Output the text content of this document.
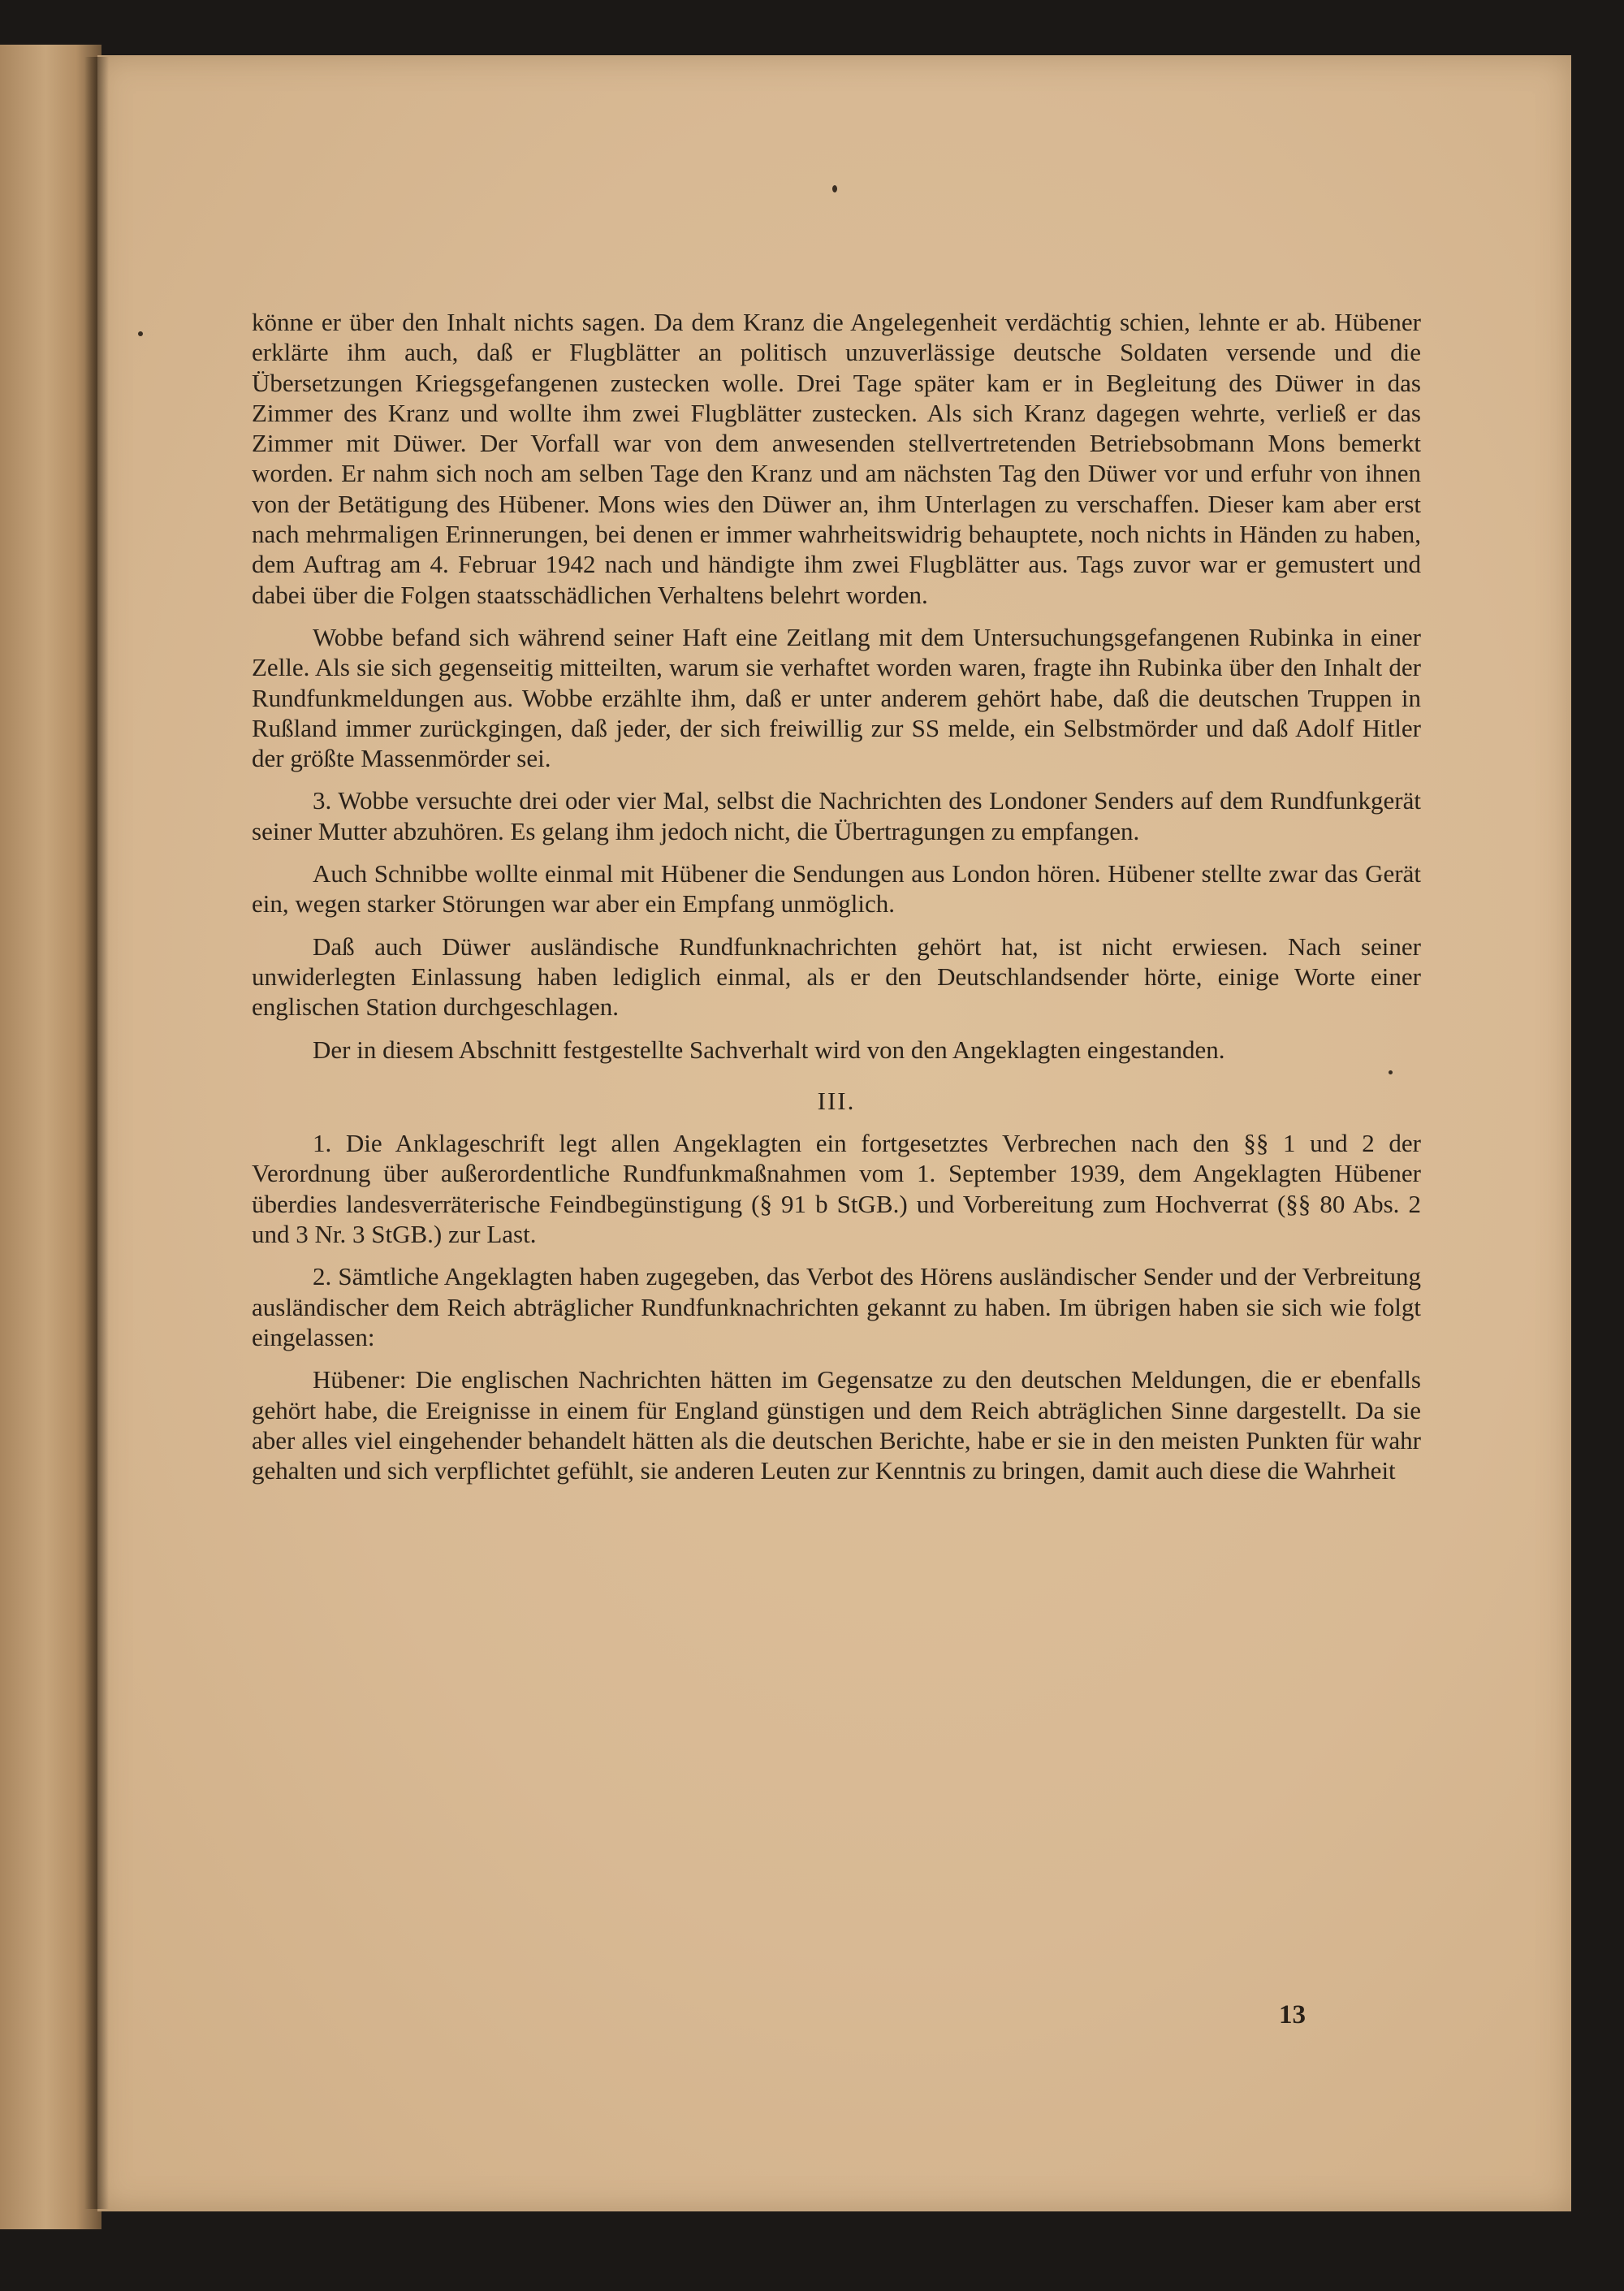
könne er über den Inhalt nichts sagen. Da dem Kranz die Angelegenheit verdächtig schien, lehnte er ab. Hübener erklärte ihm auch, daß er Flugblätter an politisch unzuverlässige deutsche Soldaten versende und die Übersetzungen Kriegsgefangenen zustecken wolle. Drei Tage später kam er in Begleitung des Düwer in das Zimmer des Kranz und wollte ihm zwei Flugblätter zustecken. Als sich Kranz dagegen wehrte, verließ er das Zimmer mit Düwer. Der Vorfall war von dem anwesenden stellvertretenden Betriebsobmann Mons bemerkt worden. Er nahm sich noch am selben Tage den Kranz und am nächsten Tag den Düwer vor und erfuhr von ihnen von der Betätigung des Hübener. Mons wies den Düwer an, ihm Unterlagen zu verschaffen. Dieser kam aber erst nach mehrmaligen Erinnerungen, bei denen er immer wahrheitswidrig behauptete, noch nichts in Händen zu haben, dem Auftrag am 4. Februar 1942 nach und händigte ihm zwei Flugblätter aus. Tags zuvor war er gemustert und dabei über die Folgen staatsschädlichen Verhaltens belehrt worden.

Wobbe befand sich während seiner Haft eine Zeitlang mit dem Untersuchungsgefangenen Rubinka in einer Zelle. Als sie sich gegenseitig mitteilten, warum sie verhaftet worden waren, fragte ihn Rubinka über den Inhalt der Rundfunkmeldungen aus. Wobbe erzählte ihm, daß er unter anderem gehört habe, daß die deutschen Truppen in Rußland immer zurückgingen, daß jeder, der sich freiwillig zur SS melde, ein Selbstmörder und daß Adolf Hitler der größte Massenmörder sei.

3. Wobbe versuchte drei oder vier Mal, selbst die Nachrichten des Londoner Senders auf dem Rundfunkgerät seiner Mutter abzuhören. Es gelang ihm jedoch nicht, die Übertragungen zu empfangen.

Auch Schnibbe wollte einmal mit Hübener die Sendungen aus London hören. Hübener stellte zwar das Gerät ein, wegen starker Störungen war aber ein Empfang unmöglich.

Daß auch Düwer ausländische Rundfunknachrichten gehört hat, ist nicht erwiesen. Nach seiner unwiderlegten Einlassung haben lediglich einmal, als er den Deutschlandsender hörte, einige Worte einer englischen Station durchgeschlagen.

Der in diesem Abschnitt festgestellte Sachverhalt wird von den Angeklagten eingestanden.

III.

1. Die Anklageschrift legt allen Angeklagten ein fortgesetztes Verbrechen nach den §§ 1 und 2 der Verordnung über außerordentliche Rundfunkmaßnahmen vom 1. September 1939, dem Angeklagten Hübener überdies landesverräterische Feindbegünstigung (§ 91 b StGB.) und Vorbereitung zum Hochverrat (§§ 80 Abs. 2 und 3 Nr. 3 StGB.) zur Last.

2. Sämtliche Angeklagten haben zugegeben, das Verbot des Hörens ausländischer Sender und der Verbreitung ausländischer dem Reich abträglicher Rundfunknachrichten gekannt zu haben. Im übrigen haben sie sich wie folgt eingelassen:

Hübener: Die englischen Nachrichten hätten im Gegensatze zu den deutschen Meldungen, die er ebenfalls gehört habe, die Ereignisse in einem für England günstigen und dem Reich abträglichen Sinne dargestellt. Da sie aber alles viel eingehender behandelt hätten als die deutschen Berichte, habe er sie in den meisten Punkten für wahr gehalten und sich verpflichtet gefühlt, sie anderen Leuten zur Kenntnis zu bringen, damit auch diese die Wahrheit

13
